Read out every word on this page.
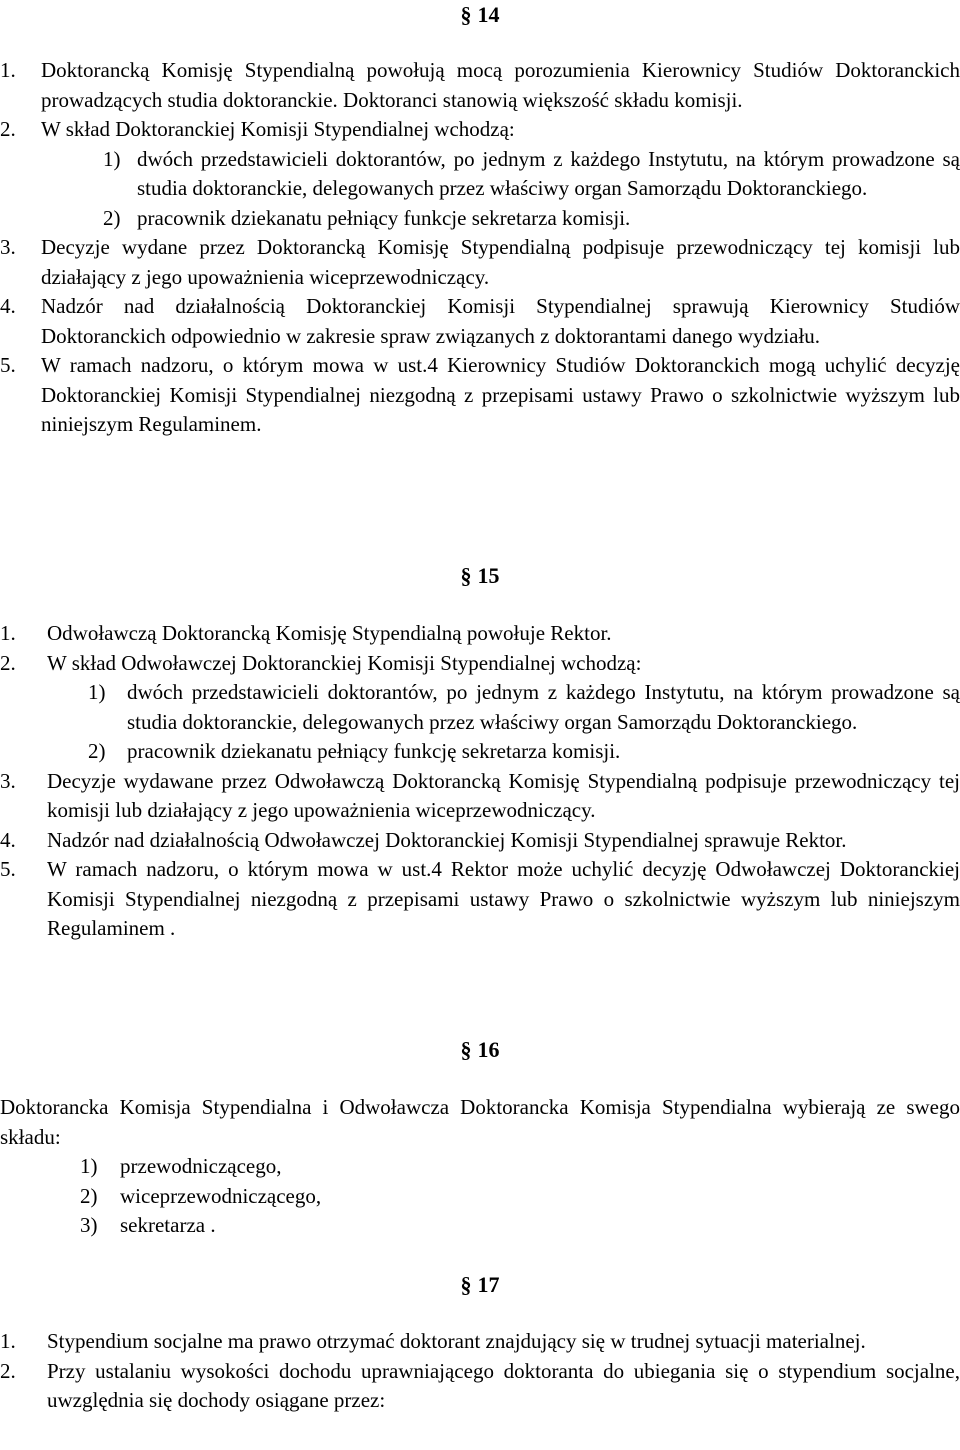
§ 14
1. Doktorancką Komisję Stypendialną powołują mocą porozumienia Kierownicy Studiów Doktoranckich prowadzących studia doktoranckie. Doktoranci stanowią większość składu komisji.
2. W skład Doktoranckiej Komisji Stypendialnej wchodzą:
1) dwóch przedstawicieli doktorantów, po jednym z każdego Instytutu, na którym prowadzone są studia doktoranckie, delegowanych przez właściwy organ Samorządu Doktoranckiego.
2) pracownik dziekanatu pełniący funkcje sekretarza komisji.
3. Decyzje wydane przez Doktorancką Komisję Stypendialną podpisuje przewodniczący tej komisji lub działający z jego upoważnienia wiceprzewodniczący.
4. Nadzór nad działalnością Doktoranckiej Komisji Stypendialnej sprawują Kierownicy Studiów Doktoranckich odpowiednio w zakresie spraw związanych z doktorantami danego wydziału.
5. W ramach nadzoru, o którym mowa w ust.4 Kierownicy Studiów Doktoranckich mogą uchylić decyzję Doktoranckiej Komisji Stypendialnej niezgodną z przepisami ustawy Prawo o szkolnictwie wyższym lub niniejszym Regulaminem.
§ 15
1. Odwoławczą Doktorancką Komisję Stypendialną powołuje Rektor.
2. W skład Odwoławczej Doktoranckiej Komisji Stypendialnej wchodzą:
1) dwóch przedstawicieli doktorantów, po jednym z każdego Instytutu, na którym prowadzone są studia doktoranckie, delegowanych przez właściwy organ Samorządu Doktoranckiego.
2) pracownik dziekanatu pełniący funkcję sekretarza komisji.
3. Decyzje wydawane przez Odwoławczą Doktorancką Komisję Stypendialną podpisuje przewodniczący tej komisji lub działający z jego upoważnienia wiceprzewodniczący.
4. Nadzór nad działalnością Odwoławczej Doktoranckiej Komisji Stypendialnej sprawuje Rektor.
5. W ramach nadzoru, o którym mowa w ust.4 Rektor może uchylić decyzję Odwoławczej Doktoranckiej Komisji Stypendialnej niezgodną z przepisami ustawy Prawo o szkolnictwie wyższym lub niniejszym Regulaminem .
§ 16
Doktorancka Komisja Stypendialna i Odwoławcza Doktorancka Komisja Stypendialna wybierają ze swego składu:
1) przewodniczącego,
2) wiceprzewodniczącego,
3) sekretarza .
§ 17
1. Stypendium socjalne ma prawo otrzymać doktorant znajdujący się w trudnej sytuacji materialnej.
2. Przy ustalaniu wysokości dochodu uprawniającego doktoranta do ubiegania się o stypendium socjalne, uwzględnia się dochody osiągane przez:
